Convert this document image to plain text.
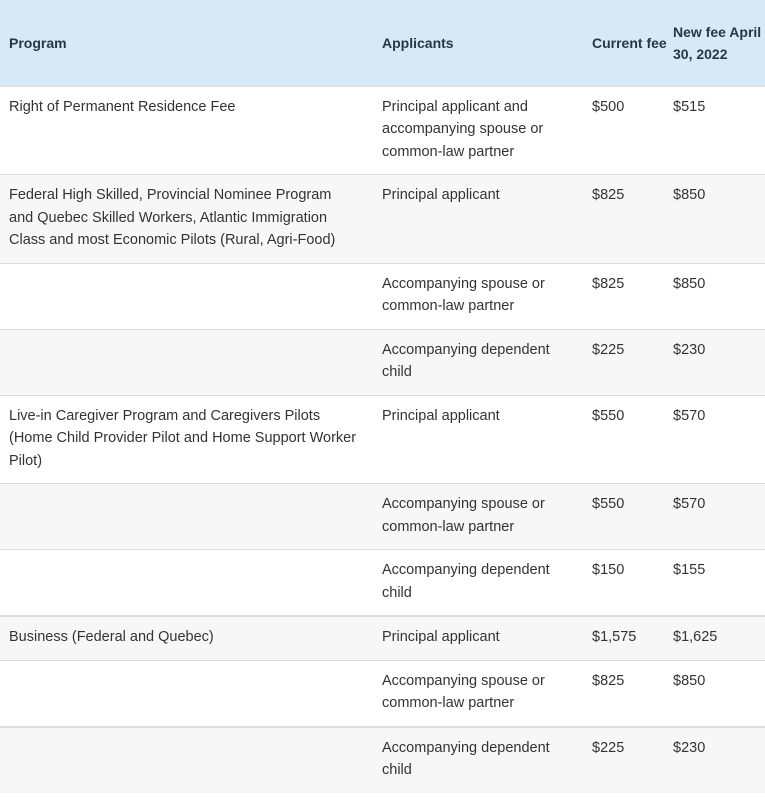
Program	Applicants	Current fee	New fee April 30, 2022
Right of Permanent Residence Fee	Principal applicant and accompanying spouse or common-law partner	$500	$515
Federal High Skilled, Provincial Nominee Program and Quebec Skilled Workers, Atlantic Immigration Class and most Economic Pilots (Rural, Agri-Food)	Principal applicant	$825	$850
	Accompanying spouse or common-law partner	$825	$850
	Accompanying dependent child	$225	$230
Live-in Caregiver Program and Caregivers Pilots (Home Child Provider Pilot and Home Support Worker Pilot)	Principal applicant	$550	$570
	Accompanying spouse or common-law partner	$550	$570
	Accompanying dependent child	$150	$155
Business (Federal and Quebec)	Principal applicant	$1,575	$1,625
	Accompanying spouse or common-law partner	$825	$850
	Accompanying dependent child	$225	$230
